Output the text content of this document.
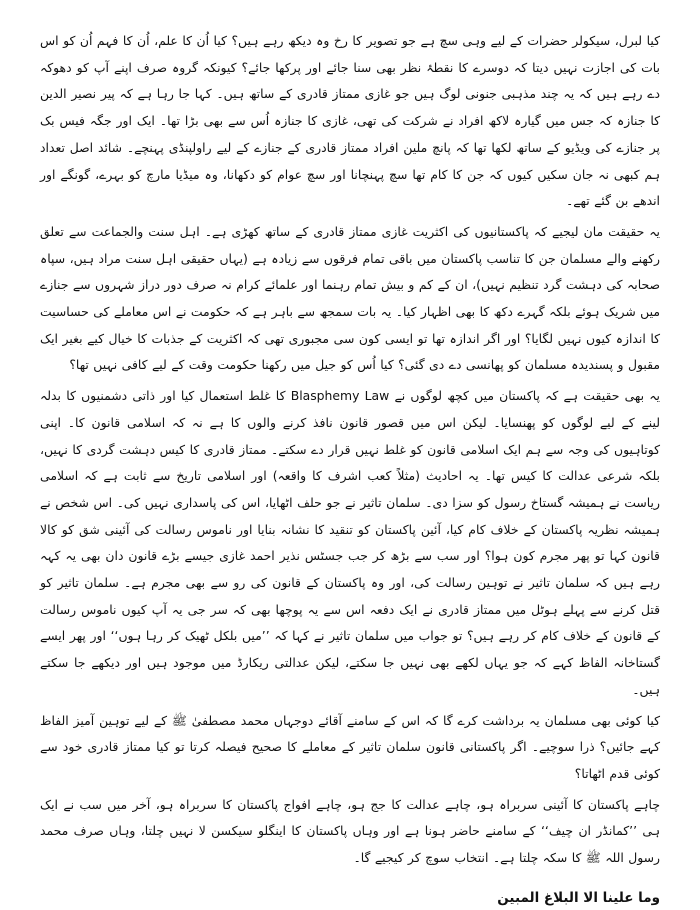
کیا لبرل، سیکولر حضرات کے لیے وہی سچ ہے جو تصویر کا رخ وہ دیکھ رہے ہیں؟ کیا اُن کا علم، اُن کا فہم اُن کو اس بات کی اجازت نہیں دیتا کہ دوسرے کا نقطۂ نظر بھی سنا جائے اور پرکھا جائے؟ کیونکہ گروہ صرف اپنے آپ کو دھوکہ دے رہے ہیں کہ یہ چند مذہبی جنونی لوگ ہیں جو غازی ممتاز قادری کے ساتھ ہیں۔ کہا جا رہا ہے کہ پیر نصیر الدین کا جنازہ کہ جس میں گیارہ لاکھ افراد نے شرکت کی تھی، غازی کا جنازہ اُس سے بھی بڑا تھا۔ ایک اور جگہ فیس بک پر جنازے کی ویڈیو کے ساتھ لکھا تھا کہ پانچ ملین افراد ممتاز قادری کے جنازے کے لیے راولپنڈی پہنچے۔ شائد اصل تعداد ہم کبھی نہ جان سکیں کیوں کہ جن کا کام تھا سچ پہنچانا اور سچ عوام کو دکھانا، وہ میڈیا مارچ کو بہرے، گونگے اور اندھے بن گئے تھے۔

یہ حقیقت مان لیجیے کہ پاکستانیوں کی اکثریت غازی ممتاز قادری کے ساتھ کھڑی ہے۔ اہل سنت والجماعت سے تعلق رکھنے والے مسلمان جن کا تناسب پاکستان میں باقی تمام فرقوں سے زیادہ ہے (یہاں حقیقی اہل سنت مراد ہیں، سپاہ صحابہ کی دہشت گرد تنظیم نہیں)، ان کے کم و بیش تمام رہنما اور علمائے کرام نہ صرف دور دراز شہروں سے جنازے میں شریک ہوئے بلکہ گہرے دکھ کا بھی اظہار کیا۔ یہ بات سمجھ سے باہر ہے کہ حکومت نے اس معاملے کی حساسیت کا اندازہ کیوں نہیں لگایا؟ اور اگر اندازہ تھا تو ایسی کون سی مجبوری تھی کہ اکثریت کے جذبات کا خیال کیے بغیر ایک مقبول و پسندیدہ مسلمان کو پھانسی دے دی گئی؟ کیا اُس کو جیل میں رکھنا حکومت وقت کے لیے کافی نہیں تھا؟

یہ بھی حقیقت ہے کہ پاکستان میں کچھ لوگوں نے Blasphemy Law کا غلط استعمال کیا اور ذاتی دشمنیوں کا بدلہ لینے کے لیے لوگوں کو پھنسایا۔ لیکن اس میں قصور قانون نافذ کرنے والوں کا ہے نہ کہ اسلامی قانون کا۔ اپنی کوتاہیوں کی وجہ سے ہم ایک اسلامی قانون کو غلط نہیں قرار دے سکتے۔ ممتاز قادری کا کیس دہشت گردی کا نہیں، بلکہ شرعی عدالت کا کیس تھا۔ یہ احادیث (مثلاً کعب اشرف کا واقعہ) اور اسلامی تاریخ سے ثابت ہے کہ اسلامی ریاست نے ہمیشہ گستاخ رسول کو سزا دی۔ سلمان تاثیر نے جو حلف اٹھایا، اس کی پاسداری نہیں کی۔ اس شخص نے ہمیشہ نظریہ پاکستان کے خلاف کام کیا، آئین پاکستان کو تنقید کا نشانہ بنایا اور ناموس رسالت کی آئینی شق کو کالا قانون کہا تو پھر مجرم کون ہوا؟ اور سب سے بڑھ کر جب جسٹس نذیر احمد غازی جیسے بڑے قانون دان بھی یہ کہہ رہے ہیں کہ سلمان تاثیر نے توہین رسالت کی، اور وہ پاکستان کے قانون کی رو سے بھی مجرم ہے۔ سلمان تاثیر کو قتل کرنے سے پہلے ہوٹل میں ممتاز قادری نے ایک دفعہ اس سے یہ پوچھا بھی کہ سر جی یہ آپ کیوں ناموس رسالت کے قانون کے خلاف کام کر رہے ہیں؟ تو جواب میں سلمان تاثیر نے کہا کہ ’’میں بلکل ٹھیک کر رہا ہوں‘‘ اور پھر ایسے گستاخانہ الفاظ کہے کہ جو یہاں لکھے بھی نہیں جا سکتے، لیکن عدالتی ریکارڈ میں موجود ہیں اور دیکھے جا سکتے ہیں۔

کیا کوئی بھی مسلمان یہ برداشت کرے گا کہ اس کے سامنے آقائے دوجہاں محمد مصطفیٰ ﷺ کے لیے توہین آمیز الفاظ کہے جائیں؟ ذرا سوچیے۔ اگر پاکستانی قانون سلمان تاثیر کے معاملے کا صحیح فیصلہ کرتا تو کیا ممتاز قادری خود سے کوئی قدم اٹھاتا؟

چاہے پاکستان کا آئینی سربراہ ہو، چاہے عدالت کا جج ہو، چاہے افواج پاکستان کا سربراہ ہو، آخر میں سب نے ایک ہی ’’کمانڈر ان چیف‘‘ کے سامنے حاضر ہونا ہے اور وہاں پاکستان کا اینگلو سیکسن لا نہیں چلتا، وہاں صرف محمد رسول اللہ ﷺ کا سکہ چلتا ہے۔ انتخاب سوچ کر کیجیے گا۔

وما علینا الا البلاغ المبین
